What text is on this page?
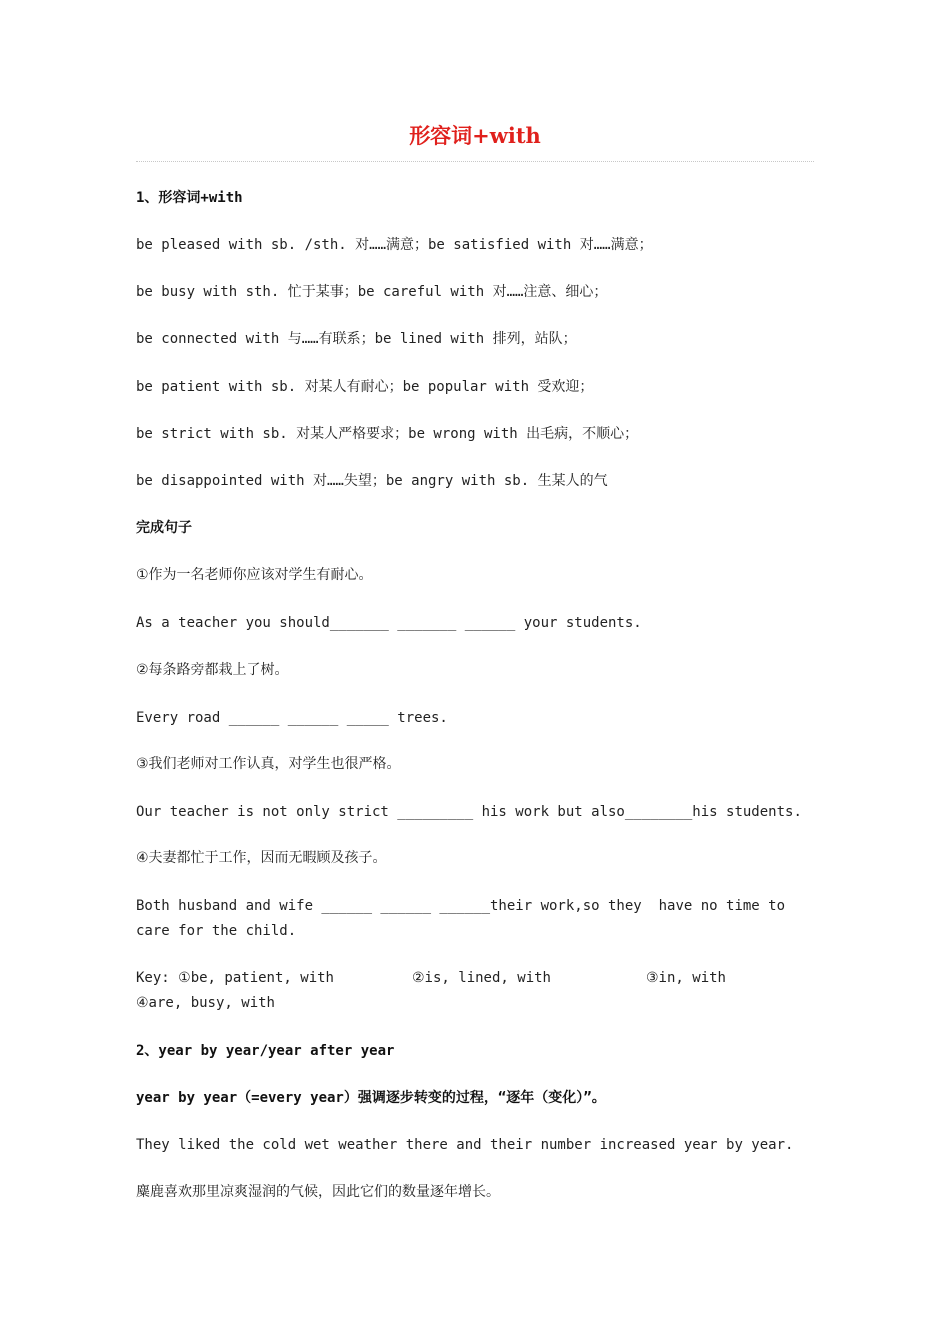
形容词+with
1、形容词+with
be pleased with sb. /sth. 对……满意；be satisfied with 对……满意；
be busy with sth. 忙于某事；be careful with 对……注意、细心；
be connected with 与……有联系；be lined with 排列，站队；
be patient with sb. 对某人有耐心；be popular with 受欢迎；
be strict with sb. 对某人严格要求；be wrong with 出毛病，不顺心；
be disappointed with 对……失望；be angry with sb. 生某人的气
完成句子
①作为一名老师你应该对学生有耐心。
As a teacher you should_______ _______ ______ your students.
②每条路旁都栽上了树。
Every road ______ ______ _____ trees.
③我们老师对工作认真，对学生也很严格。
Our teacher is not only strict _________ his work but also________his students.
④夫妻都忙于工作，因而无暇顾及孩子。
Both husband and wife ______ ______ ______their work,so they  have no time to
care for the child.

Key: ①be, patient, with

	②is, lined, with

	③in, with

④are, busy, with
2、year by year/year after year
year by year（=every year）强调逐步转变的过程，“逐年（变化）”。
They liked the cold wet weather there and their number increased year by year.
麋鹿喜欢那里凉爽湿润的气候，因此它们的数量逐年增长。
